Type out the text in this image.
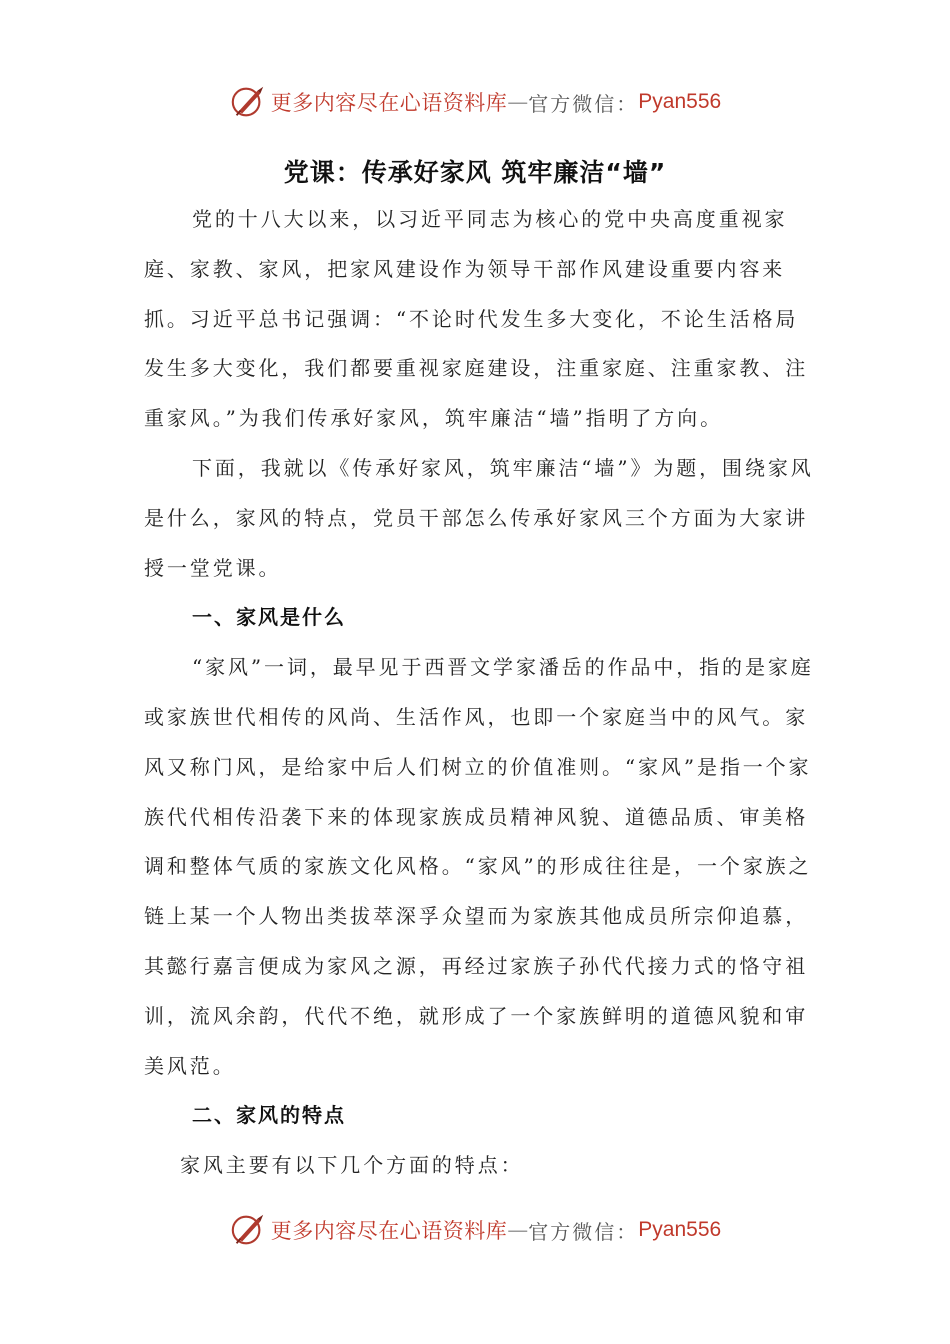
更多内容尽在心语资料库 — 官方微信： Pyan556
党课：传承好家风 筑牢廉洁“墙”

党的十八大以来，以习近平同志为核心的党中央高度重视家庭、家教、家风，把家风建设作为领导干部作风建设重要内容来抓。习近平总书记强调：“不论时代发生多大变化，不论生活格局发生多大变化，我们都要重视家庭建设，注重家庭、注重家教、注重家风。”为我们传承好家风，筑牢廉洁“墙”指明了方向。

下面，我就以《传承好家风，筑牢廉洁“墙”》为题，围绕家风是什么，家风的特点，党员干部怎么传承好家风三个方面为大家讲授一堂党课。

一、家风是什么

“家风”一词，最早见于西晋文学家潘岳的作品中，指的是家庭或家族世代相传的风尚、生活作风，也即一个家庭当中的风气。家风又称门风，是给家中后人们树立的价值准则。“家风”是指一个家族代代相传沿袭下来的体现家族成员精神风貌、道德品质、审美格调和整体气质的家族文化风格。“家风”的形成往往是，一个家族之链上某一个人物出类拔萃深孚众望而为家族其他成员所宗仰追慕，其懿行嘉言便成为家风之源，再经过家族子孙代代接力式的恪守祖训，流风余韵，代代不绝，就形成了一个家族鲜明的道德风貌和审美风范。

二、家风的特点

家风主要有以下几个方面的特点：

更多内容尽在心语资料库 — 官方微信： Pyan556
